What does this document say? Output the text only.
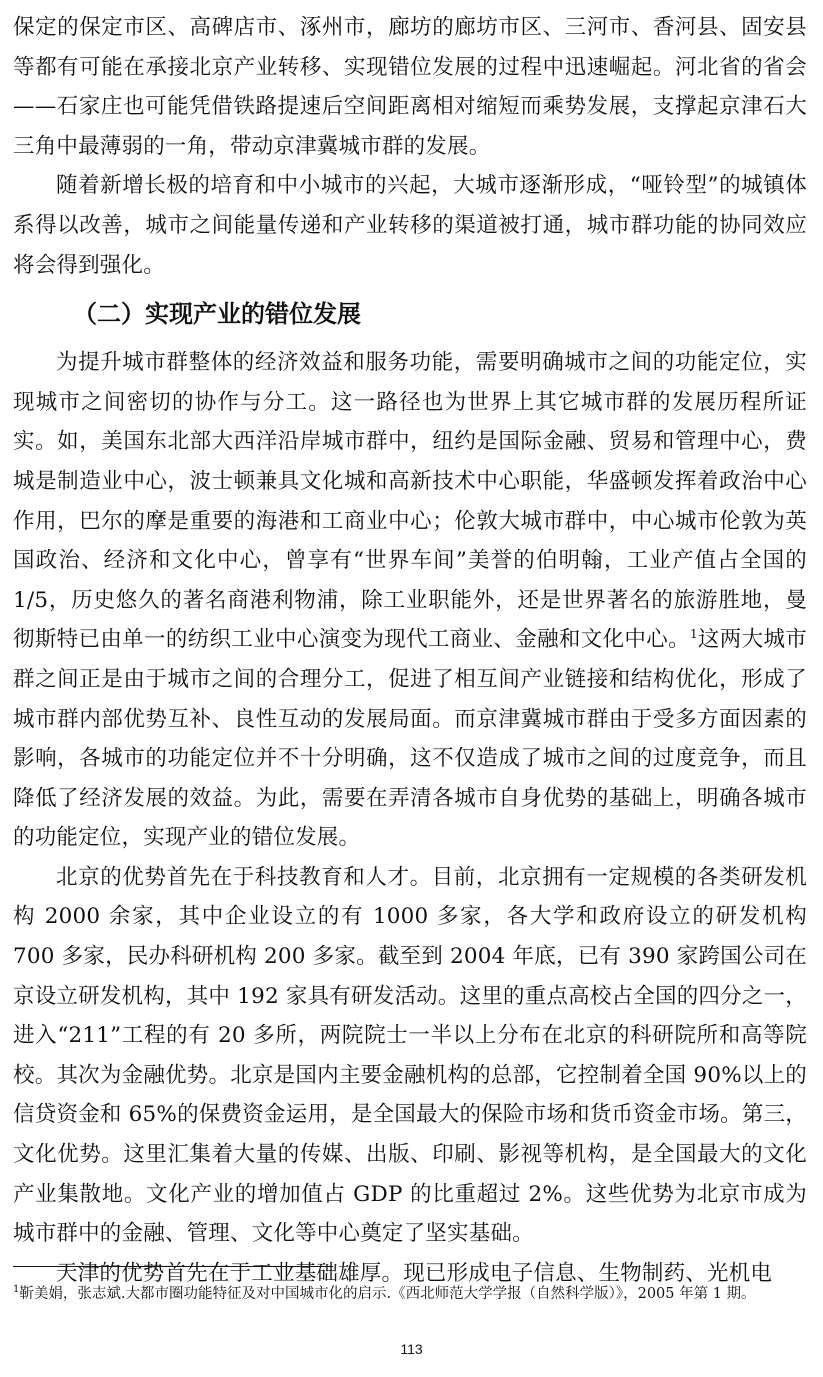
保定的保定市区、高碑店市、涿州市，廊坊的廊坊市区、三河市、香河县、固安县等都有可能在承接北京产业转移、实现错位发展的过程中迅速崛起。河北省的省会——石家庄也可能凭借铁路提速后空间距离相对缩短而乘势发展，支撑起京津石大三角中最薄弱的一角，带动京津冀城市群的发展。

随着新增长极的培育和中小城市的兴起，大城市逐渐形成，“哑铃型”的城镇体系得以改善，城市之间能量传递和产业转移的渠道被打通，城市群功能的协同效应将会得到强化。

（二）实现产业的错位发展

为提升城市群整体的经济效益和服务功能，需要明确城市之间的功能定位，实现城市之间密切的协作与分工。这一路径也为世界上其它城市群的发展历程所证实。如，美国东北部大西洋沿岸城市群中，纽约是国际金融、贸易和管理中心，费城是制造业中心，波士顿兼具文化城和高新技术中心职能，华盛顿发挥着政治中心作用，巴尔的摩是重要的海港和工商业中心；伦敦大城市群中，中心城市伦敦为英国政治、经济和文化中心，曾享有“世界车间”美誉的伯明翰，工业产值占全国的 1/5，历史悠久的著名商港利物浦，除工业职能外，还是世界著名的旅游胜地，曼彻斯特已由单一的纺织工业中心演变为现代工商业、金融和文化中心。$^1$这两大城市群之间正是由于城市之间的合理分工，促进了相互间产业链接和结构优化，形成了城市群内部优势互补、良性互动的发展局面。而京津冀城市群由于受多方面因素的影响，各城市的功能定位并不十分明确，这不仅造成了城市之间的过度竞争，而且降低了经济发展的效益。为此，需要在弄清各城市自身优势的基础上，明确各城市的功能定位，实现产业的错位发展。

北京的优势首先在于科技教育和人才。目前，北京拥有一定规模的各类研发机构 2000 余家，其中企业设立的有 1000 多家，各大学和政府设立的研发机构 700 多家，民办科研机构 200 多家。截至到 2004 年底，已有 390 家跨国公司在京设立研发机构，其中 192 家具有研发活动。这里的重点高校占全国的四分之一，进入“211”工程的有 20 多所，两院院士一半以上分布在北京的科研院所和高等院校。其次为金融优势。北京是国内主要金融机构的总部，它控制着全国 90%以上的信贷资金和 65%的保费资金运用，是全国最大的保险市场和货币资金市场。第三，文化优势。这里汇集着大量的传媒、出版、印刷、影视等机构，是全国最大的文化产业集散地。文化产业的增加值占 GDP 的比重超过 2%。这些优势为北京市成为城市群中的金融、管理、文化等中心奠定了坚实基础。

天津的优势首先在于工业基础雄厚。现已形成电子信息、生物制药、光机电

$^1$靳美娟，张志斌.大都市圈功能特征及对中国城市化的启示.《西北师范大学学报（自然科学版）》，2005 年第 1 期。

113
